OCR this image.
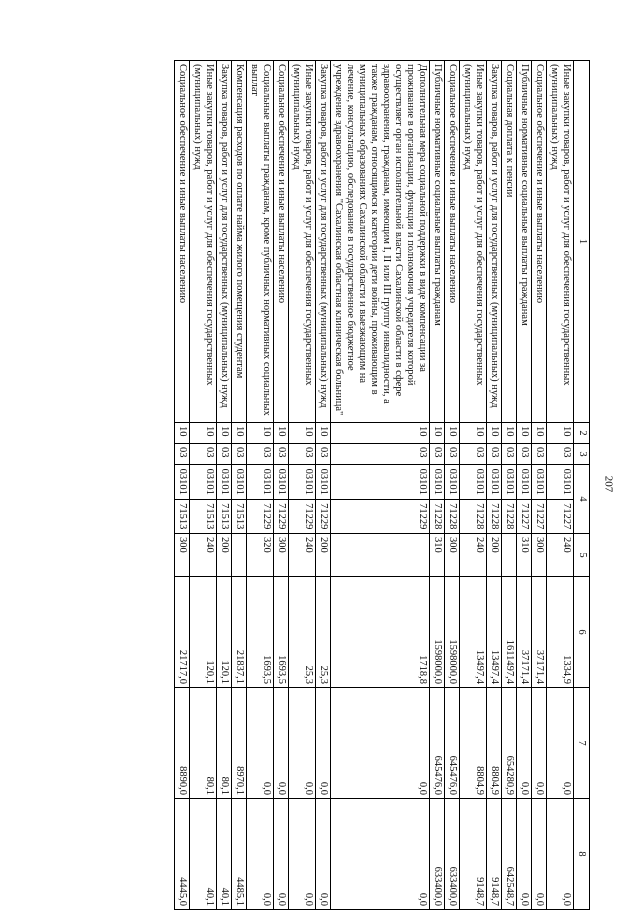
207
1	2	3	4		5	6	7	8
Иные закупки товаров, работ и услуг для обеспечения государственных (муниципальных) нужд	10	03	03101	71227	240	1334,9	0,0	0,0
Социальное обеспечение и иные выплаты населению	10	03	03101	71227	300	37171,4	0,0	0,0
Публичные нормативные социальные выплаты гражданам	10	03	03101	71227	310	37171,4	0,0	0,0
Социальная доплата к пенсии	10	03	03101	71228		1611497,4	654280,9	642548,7
Закупка товаров, работ и услуг для государственных (муниципальных) нужд	10	03	03101	71228	200	13497,4	8804,9	9148,7
Иные закупки товаров, работ и услуг для обеспечения государственных (муниципальных) нужд	10	03	03101	71228	240	13497,4	8804,9	9148,7
Социальное обеспечение и иные выплаты населению	10	03	03101	71228	300	1598000,0	645476,0	633400,0
Публичные нормативные социальные выплаты гражданам	10	03	03101	71228	310	1598000,0	645476,0	633400,0
Дополнительная мера социальной поддержки в виде компенсации за проживание в организации, функции и полномочия учредителя которой осуществляет орган исполнительной власти Сахалинской области в сфере здравоохранения, гражданам, имеющим I, II или III группу инвалидности, а также гражданам, относящимся к категории дети войны, проживающим в муниципальных образованиях Сахалинской области и выезжающим на лечение, консультацию, обследование в государственное бюджетное учреждение здравоохранения "Сахалинская областная клиническая больница"	10	03	03101	71229		1718,8	0,0	0,0
Закупка товаров, работ и услуг для государственных (муниципальных) нужд	10	03	03101	71229	200	25,3	0,0	0,0
Иные закупки товаров, работ и услуг для обеспечения государственных (муниципальных) нужд	10	03	03101	71229	240	25,3	0,0	0,0
Социальное обеспечение и иные выплаты населению	10	03	03101	71229	300	1693,5	0,0	0,0
Социальные выплаты гражданам, кроме публичных нормативных социальных выплат	10	03	03101	71229	320	1693,5	0,0	0,0
Компенсация расходов по оплате найма жилого помещения студентам	10	03	03101	71513		21837,1	8970,1	4485,1
Закупка товаров, работ и услуг для государственных (муниципальных) нужд	10	03	03101	71513	200	120,1	80,1	40,1
Иные закупки товаров, работ и услуг для обеспечения государственных (муниципальных) нужд	10	03	03101	71513	240	120,1	80,1	40,1
Социальное обеспечение и иные выплаты населению	10	03	03101	71513	300	21717,0	8890,0	4445,0
